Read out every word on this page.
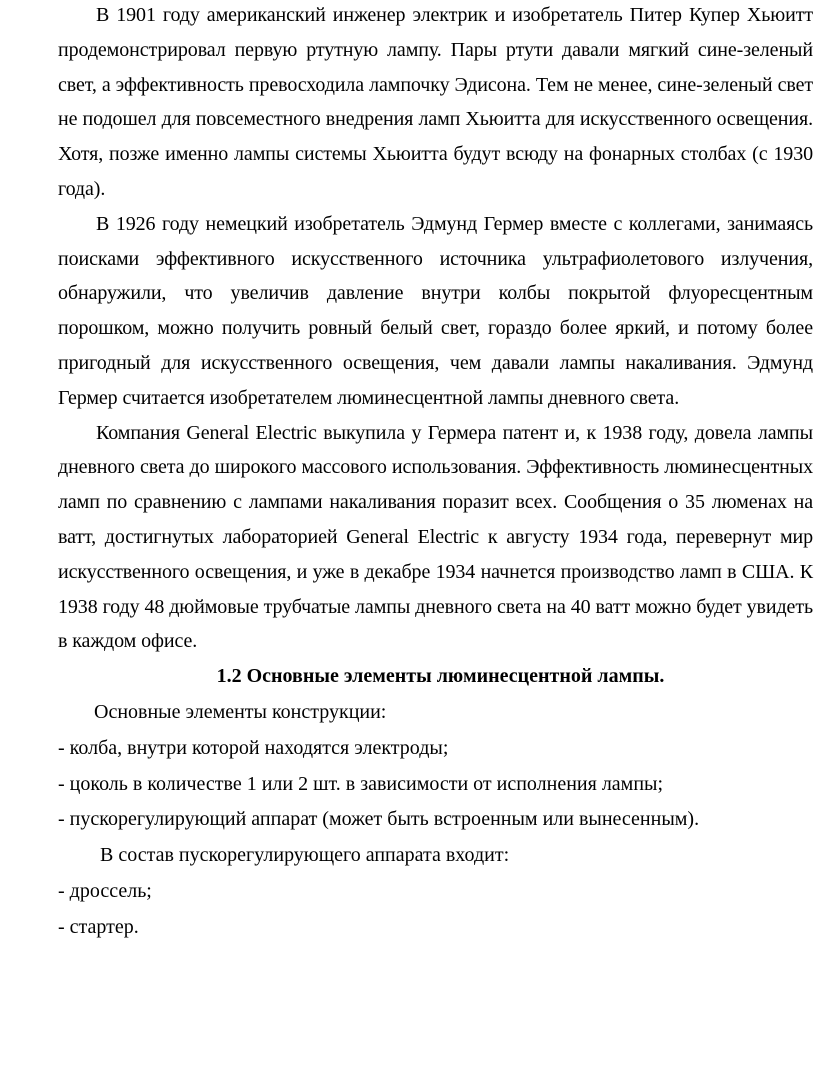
В 1901 году американский инженер электрик и изобретатель Питер Купер Хьюитт продемонстрировал первую ртутную лампу. Пары ртути давали мягкий сине-зеленый свет, а эффективность превосходила лампочку Эдисона. Тем не менее, сине-зеленый свет не подошел для повсеместного внедрения ламп Хьюитта для искусственного освещения. Хотя, позже именно лампы системы Хьюитта будут всюду на фонарных столбах (с 1930 года).

В 1926 году немецкий изобретатель Эдмунд Гермер вместе с коллегами, занимаясь поисками эффективного искусственного источника ультрафиолетового излучения, обнаружили, что увеличив давление внутри колбы покрытой флуоресцентным порошком, можно получить ровный белый свет, гораздо более яркий, и потому более пригодный для искусственного освещения, чем давали лампы накаливания. Эдмунд Гермер считается изобретателем люминесцентной лампы дневного света.

Компания General Electric выкупила у Гермера патент и, к 1938 году, довела лампы дневного света до широкого массового использования. Эффективность люминесцентных ламп по сравнению с лампами накаливания поразит всех. Сообщения о 35 люменах на ватт, достигнутых лабораторией General Electric к августу 1934 года, перевернут мир искусственного освещения, и уже в декабре 1934 начнется производство ламп в США. К 1938 году 48 дюймовые трубчатые лампы дневного света на 40 ватт можно будет увидеть в каждом офисе.

1.2 Основные элементы люминесцентной лампы.

Основные элементы конструкции:

- колба, внутри которой находятся электроды;

- цоколь в количестве 1 или 2 шт. в зависимости от исполнения лампы;

- пускорегулирующий аппарат (может быть встроенным или вынесенным).

В состав пускорегулирующего аппарата входит:

- дроссель;

- стартер.
